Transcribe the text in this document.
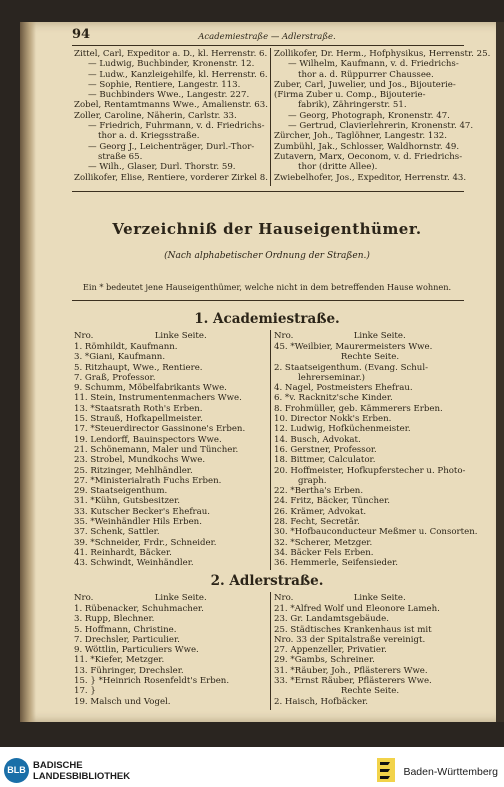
94	Academiestraße — Adlerstraße.
Zittel, Carl, Expeditor a. D., kl. Herrenstr. 6.
— Ludwig, Buchbinder, Kronenstr. 12.
— Ludw., Kanzleigehilfe, kl. Herrenstr. 6.
— Sophie, Rentiere, Langestr. 113.
— Buchbinders Wwe., Langestr. 227.
Zobel, Rentamtmanns Wwe., Amalienstr. 63.
Zoller, Caroline, Näherin, Carlstr. 33.
— Friedrich, Fuhrmann, v. d. Friedrichs-
thor a. d. Kriegsstraße.
— Georg J., Leichenträger, Durl.-Thor-
straße 65.
— Wilh., Glaser, Durl. Thorstr. 59.
Zollikofer, Elise, Rentiere, vorderer Zirkel 8.
Zollikofer, Dr. Herm., Hofphysikus, Herrenstr. 25.
— Wilhelm, Kaufmann, v. d. Friedrichs-
thor a. d. Rüppurrer Chaussee.
Zuber, Carl, Juwelier, und Jos., Bijouterie-
(Firma Zuber u. Comp., Bijouterie-
fabrik), Zähringerstr. 51.
— Georg, Photograph, Kronenstr. 47.
— Gertrud, Clavierlehrerin, Kronenstr. 47.
Zürcher, Joh., Taglöhner, Langestr. 132.
Zumbühl, Jak., Schlosser, Waldhornstr. 49.
Zutavern, Marx, Oeconom, v. d. Friedrichs-
thor (dritte Allee).
Zwiebelhofer, Jos., Expeditor, Herrenstr. 43.
Verzeichniß der Hauseigenthümer.
(Nach alphabetischer Ordnung der Straßen.)
Ein * bedeutet jene Hauseigenthümer, welche nicht in dem betreffenden Hause wohnen.
1. Academiestraße.
Nro.	Linke Seite.	Nro.	Linke Seite.
1. Römhildt, Kaufmann.
3. *Giani, Kaufmann.
5. Ritzhaupt, Wwe., Rentiere.
7. Graß, Professor.
9. Schumm, Möbelfabrikants Wwe.
11. Stein, Instrumentenmachers Wwe.
13. *Staatsrath Roth's Erben.
15. Strauß, Hofkapellmeister.
17. *Steuerdirector Gassinone's Erben.
19. Lendorff, Bauinspectors Wwe.
21. Schönemann, Maler und Tüncher.
23. Strobel, Mundkochs Wwe.
25. Ritzinger, Mehlhändler.
27. *Ministerialrath Fuchs Erben.
29. Staatseigenthum.
31. *Kühn, Gutsbesitzer.
33. Kutscher Becker's Ehefrau.
35. *Weinhändler Hils Erben.
37. Schenk, Sattler.
39. *Schneider, Frdr., Schneider.
41. Reinhardt, Bäcker.
43. Schwindt, Weinhändler.
45. *Weilbier, Maurermeisters Wwe.
Rechte Seite.
2. Staatseigenthum. (Evang. Schul-
lehrerseminar.)
4. Nagel, Postmeisters Ehefrau.
6. *v. Racknitz'sche Kinder.
8. Frohmüller, geb. Kämmerers Erben.
10. Director Nokk's Erben.
12. Ludwig, Hofküchenmeister.
14. Busch, Advokat.
16. Gerstner, Professor.
18. Bittmer, Calculator.
20. Hoffmeister, Hofkupferstecher u. Photo-
graph.
22. *Bertha's Erben.
24. Fritz, Bäcker, Tüncher.
26. Krämer, Advokat.
28. Fecht, Secretär.
30. *Hofbauconducteur Meßmer u. Consorten.
32. *Scherer, Metzger.
34. Bäcker Fels Erben.
36. Hemmerle, Seifensieder.
2. Adlerstraße.
Nro.	Linke Seite.	Nro.	Linke Seite.
1. Rübenacker, Schuhmacher.
3. Rupp, Blechner.
5. Hoffmann, Christine.
7. Drechsler, Particulier.
9. Wöttlin, Particuliers Wwe.
11. *Kiefer, Metzger.
13. Führinger, Drechsler.
15. } *Heinrich Rosenfeldt's Erben.
17. }
19. Malsch und Vogel.
21. *Alfred Wolf und Eleonore Lameh.
23. Gr. Landamtsgebäude.
25. Städtisches Krankenhaus ist mit
Nro. 33 der Spitalstraße vereinigt.
27. Appenzeller, Privatier.
29. *Gambs, Schreiner.
31. *Räuber, Joh., Pflästerers Wwe.
33. *Ernst Räuber, Pflästerers Wwe.
Rechte Seite.
2. Haisch, Hofbäcker.
BLB BADISCHE
LANDESBIBLIOTHEK	Baden-Württemberg
